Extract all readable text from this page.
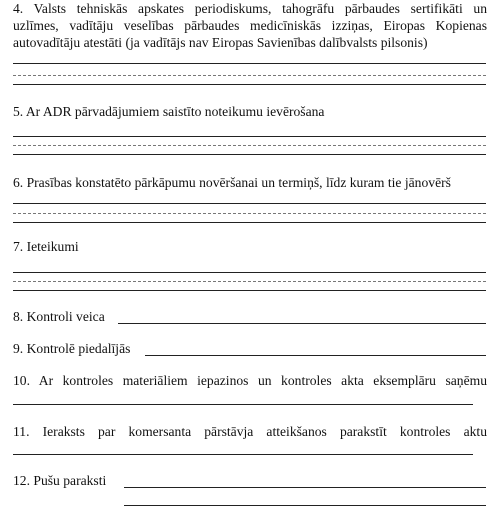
4. Valsts tehniskās apskates periodiskums, tahogrāfu pārbaudes sertifikāti un
uzlīmes, vadītāju veselības pārbaudes medicīniskās izziņas, Eiropas Kopienas
autovadītāju atestāti (ja vadītājs nav Eiropas Savienības dalībvalsts pilsonis)
5. Ar ADR pārvadājumiem saistīto noteikumu ievērošana
6. Prasības konstatēto pārkāpumu novēršanai un termiņš, līdz kuram tie jānovērš
7. Ieteikumi
8. Kontroli veica
9. Kontrolē piedalījās
10. Ar kontroles materiāliem iepazinos un kontroles akta eksemplāru saņēmu
11. Ieraksts par komersanta pārstāvja atteikšanos parakstīt kontroles aktu
12. Pušu paraksti
